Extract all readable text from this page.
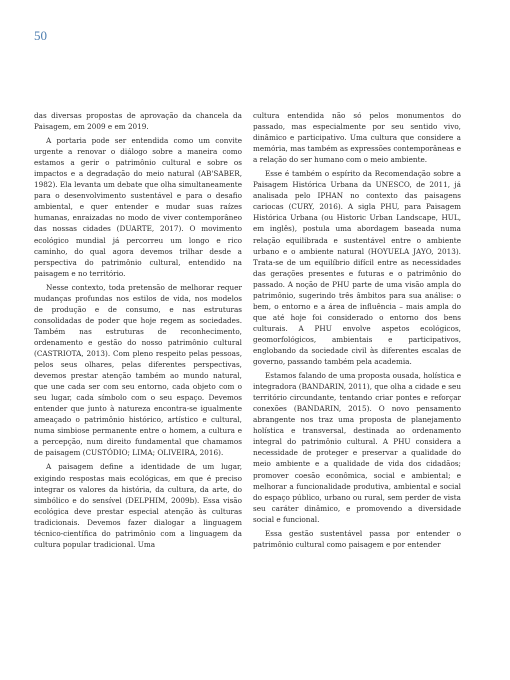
50

das diversas propostas de aprovação da chancela da Paisagem, em 2009 e em 2019.

A portaria pode ser entendida como um convite urgente a renovar o diálogo sobre a maneira como estamos a gerir o patrimônio cultural e sobre os impactos e a degradação do meio natural (AB'SABER, 1982). Ela levanta um debate que olha simultaneamente para o desenvolvimento sustentável e para o desafio ambiental, e quer entender e mudar suas raízes humanas, enraizadas no modo de viver contemporâneo das nossas cidades (DUARTE, 2017). O movimento ecológico mundial já percorreu um longo e rico caminho, do qual agora devemos trilhar desde a perspectiva do patrimônio cultural, entendido na paisagem e no território.

Nesse contexto, toda pretensão de melhorar requer mudanças profundas nos estilos de vida, nos modelos de produção e de consumo, e nas estruturas consolidadas de poder que hoje regem as sociedades. Também nas estruturas de reconhecimento, ordenamento e gestão do nosso patrimônio cultural (CASTRIOTA, 2013). Com pleno respeito pelas pessoas, pelos seus olhares, pelas diferentes perspectivas, devemos prestar atenção também ao mundo natural, que une cada ser com seu entorno, cada objeto com o seu lugar, cada símbolo com o seu espaço. Devemos entender que junto à natureza encontra-se igualmente ameaçado o patrimônio histórico, artístico e cultural, numa simbiose permanente entre o homem, a cultura e a percepção, num direito fundamental que chamamos de paisagem (CUSTÓDIO; LIMA; OLIVEIRA, 2016).

A paisagem define a identidade de um lugar, exigindo respostas mais ecológicas, em que é preciso integrar os valores da história, da cultura, da arte, do simbólico e do sensível (DELPHIM, 2009b). Essa visão ecológica deve prestar especial atenção às culturas tradicionais. Devemos fazer dialogar a linguagem técnico-científica do patrimônio com a linguagem da cultura popular tradicional. Uma

cultura entendida não só pelos monumentos do passado, mas especialmente por seu sentido vivo, dinâmico e participativo. Uma cultura que considere a memória, mas também as expressões contemporâneas e a relação do ser humano com o meio ambiente.

Esse é também o espírito da Recomendação sobre a Paisagem Histórica Urbana da UNESCO, de 2011, já analisada pelo IPHAN no contexto das paisagens cariocas (CURY, 2016). A sigla PHU, para Paisagem Histórica Urbana (ou Historic Urban Landscape, HUL, em inglês), postula uma abordagem baseada numa relação equilibrada e sustentável entre o ambiente urbano e o ambiente natural (HOYUELA JAYO, 2013). Trata-se de um equilíbrio difícil entre as necessidades das gerações presentes e futuras e o patrimônio do passado. A noção de PHU parte de uma visão ampla do patrimônio, sugerindo três âmbitos para sua análise: o bem, o entorno e a área de influência – mais ampla do que até hoje foi considerado o entorno dos bens culturais. A PHU envolve aspetos ecológicos, geomorfológicos, ambientais e participativos, englobando da sociedade civil às diferentes escalas de governo, passando também pela academia.

Estamos falando de uma proposta ousada, holística e integradora (BANDARIN, 2011), que olha a cidade e seu território circundante, tentando criar pontes e reforçar conexões (BANDARIN, 2015). O novo pensamento abrangente nos traz uma proposta de planejamento holística e transversal, destinada ao ordenamento integral do patrimônio cultural. A PHU considera a necessidade de proteger e preservar a qualidade do meio ambiente e a qualidade de vida dos cidadãos; promover coesão econômica, social e ambiental; e melhorar a funcionalidade produtiva, ambiental e social do espaço público, urbano ou rural, sem perder de vista seu caráter dinâmico, e promovendo a diversidade social e funcional.

Essa gestão sustentável passa por entender o patrimônio cultural como paisagem e por entender
